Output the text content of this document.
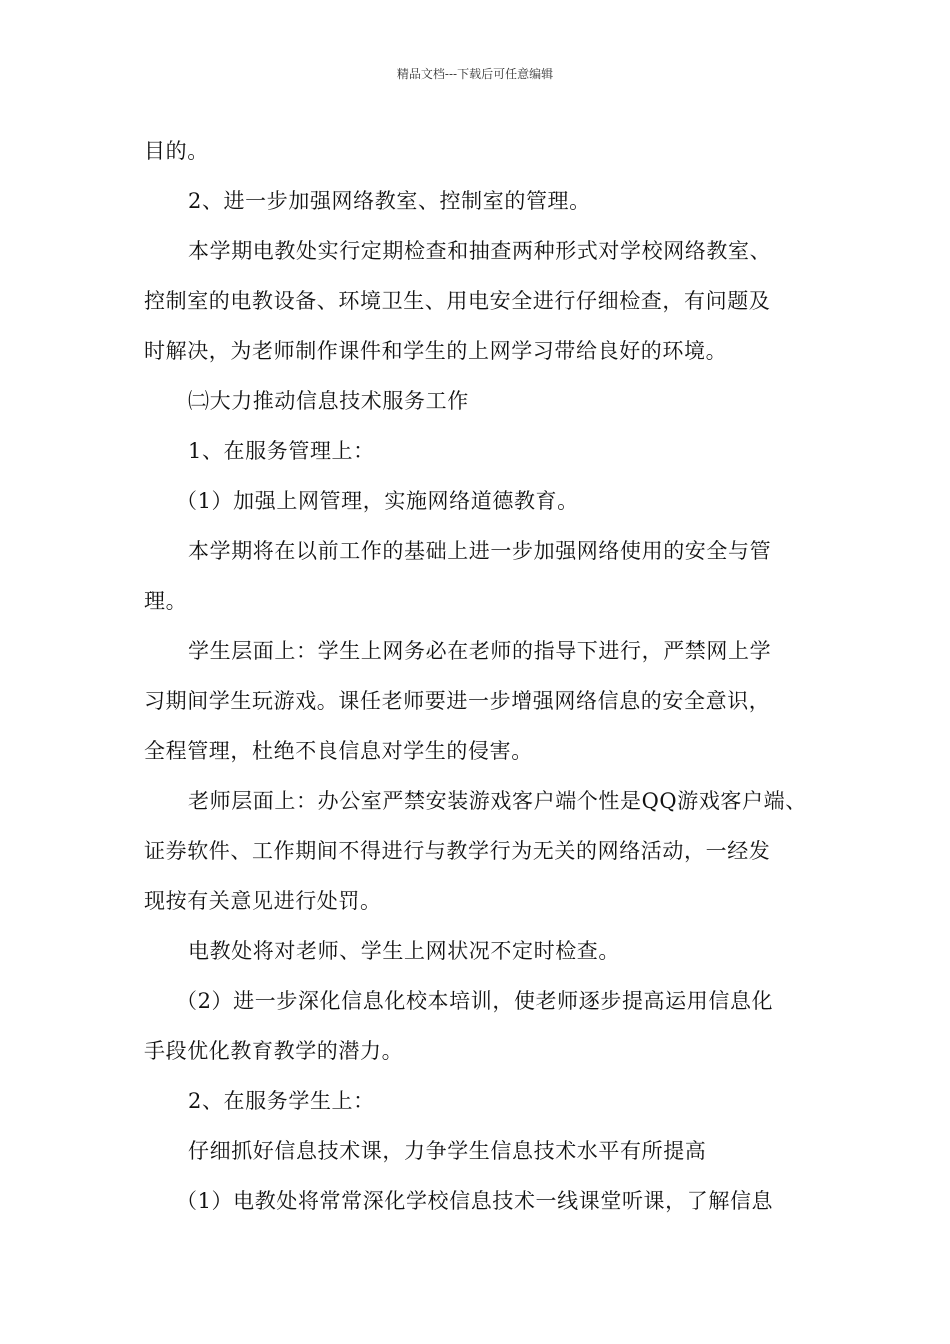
精品文档---下载后可任意编辑
目的。
2、进一步加强网络教室、控制室的管理。
本学期电教处实行定期检查和抽查两种形式对学校网络教室、
控制室的电教设备、环境卫生、用电安全进行仔细检查，有问题及
时解决，为老师制作课件和学生的上网学习带给良好的环境。
㈡大力推动信息技术服务工作
1、在服务管理上：
（1）加强上网管理，实施网络道德教育。
本学期将在以前工作的基础上进一步加强网络使用的安全与管
理。
学生层面上：学生上网务必在老师的指导下进行，严禁网上学
习期间学生玩游戏。课任老师要进一步增强网络信息的安全意识，
全程管理，杜绝不良信息对学生的侵害。
老师层面上：办公室严禁安装游戏客户端个性是QQ游戏客户端、
证券软件、工作期间不得进行与教学行为无关的网络活动，一经发
现按有关意见进行处罚。
电教处将对老师、学生上网状况不定时检查。
（2）进一步深化信息化校本培训，使老师逐步提高运用信息化
手段优化教育教学的潜力。
2、在服务学生上：
仔细抓好信息技术课，力争学生信息技术水平有所提高
（1）电教处将常常深化学校信息技术一线课堂听课，了解信息
